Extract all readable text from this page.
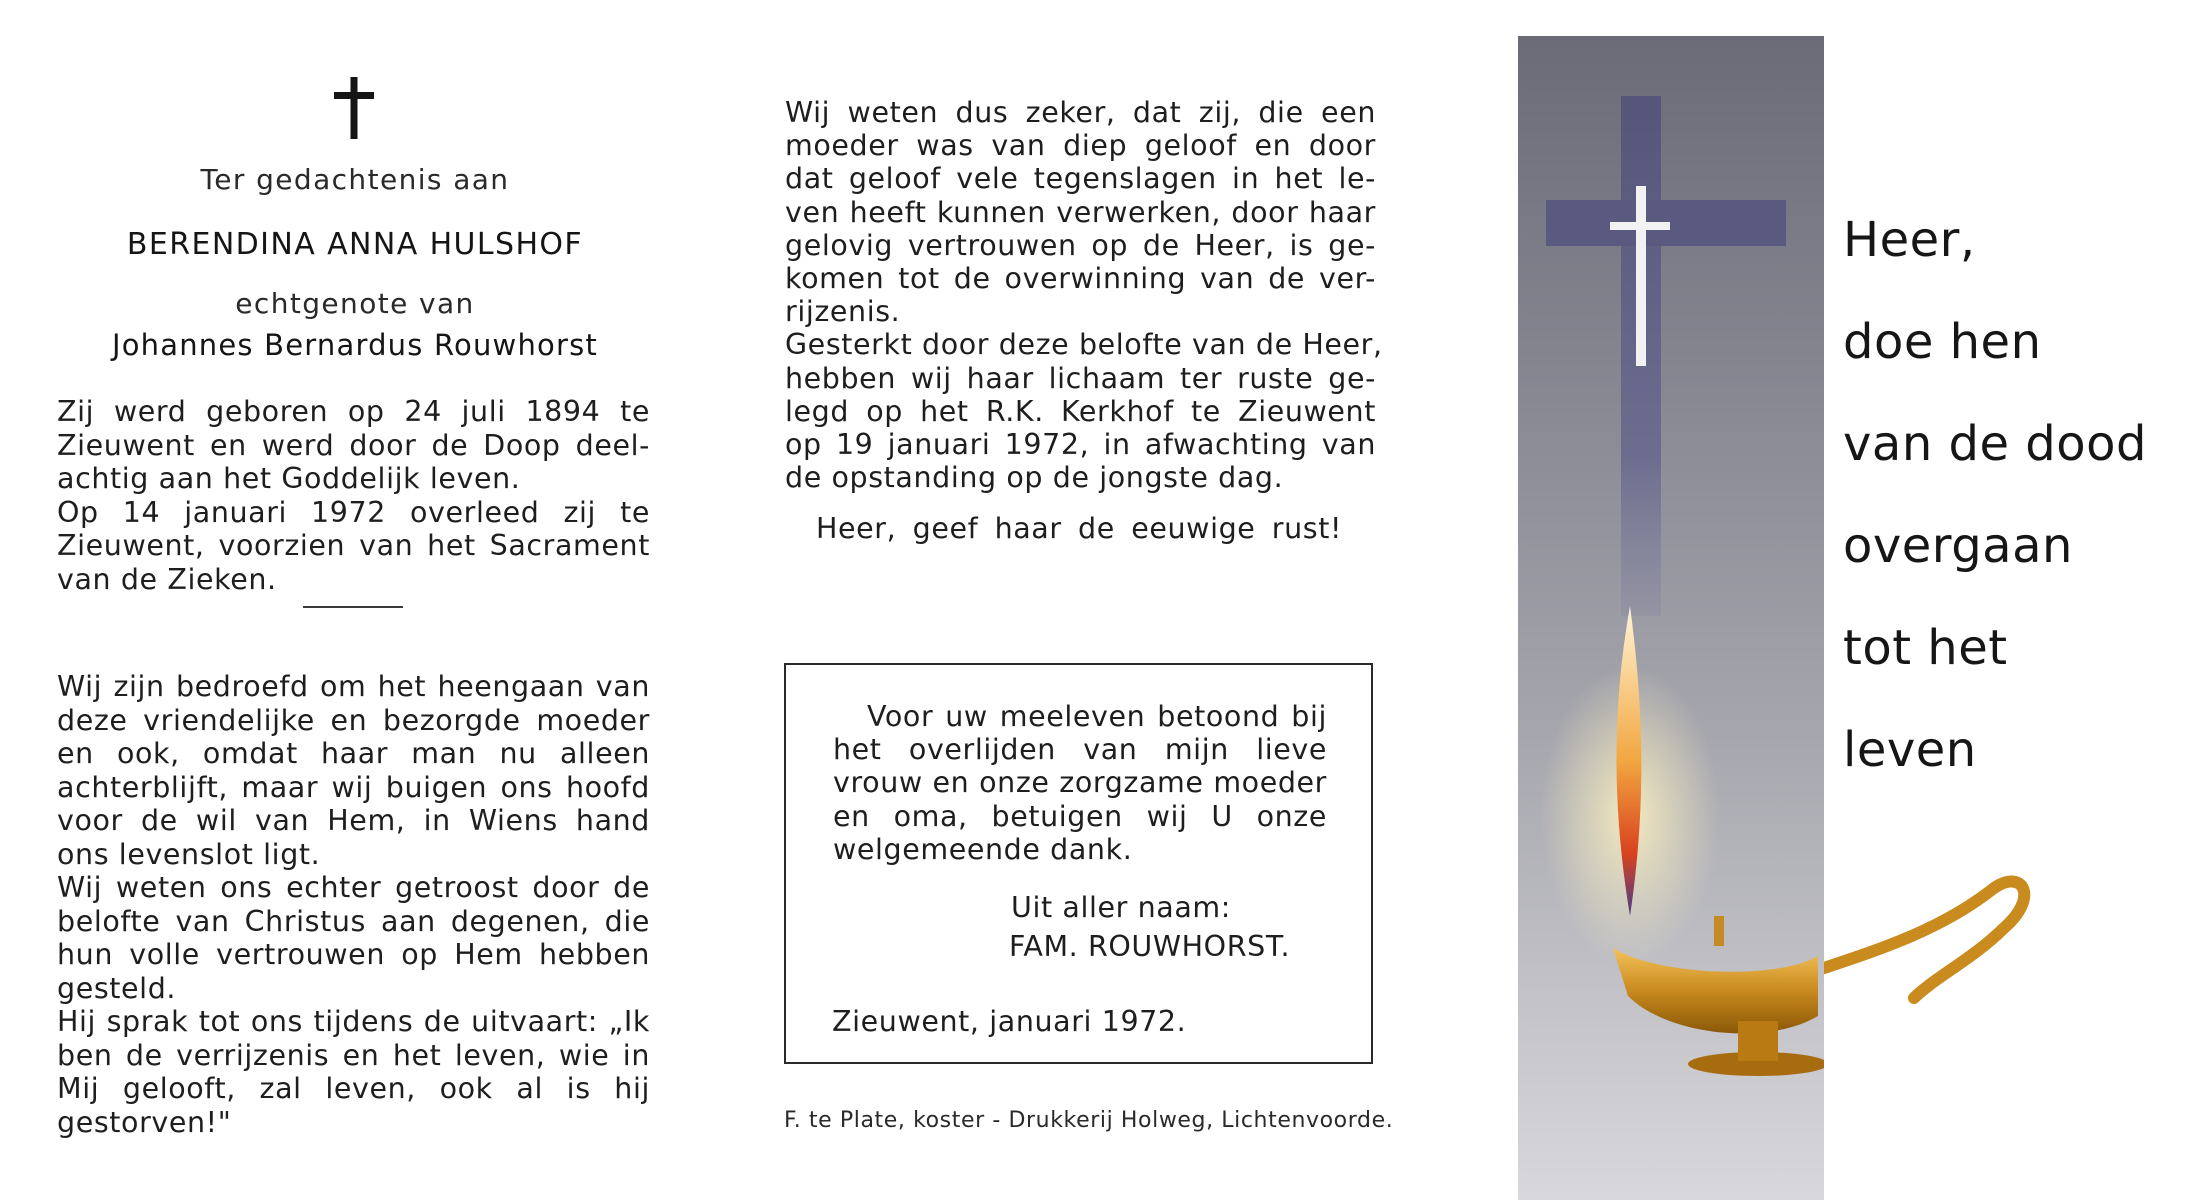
Ter gedachtenis aan
BERENDINA ANNA HULSHOF
echtgenote van
Johannes Bernardus Rouwhorst
Zij werd geboren op 24 juli 1894 te
Zieuwent en werd door de Doop deel-
achtig aan het Goddelijk leven.
Op 14 januari 1972 overleed zij te
Zieuwent, voorzien van het Sacrament
van de Zieken.
Wij zijn bedroefd om het heengaan van
deze vriendelijke en bezorgde moeder
en ook, omdat haar man nu alleen
achterblijft, maar wij buigen ons hoofd
voor de wil van Hem, in Wiens hand
ons levenslot ligt.
Wij weten ons echter getroost door de
belofte van Christus aan degenen, die
hun volle vertrouwen op Hem hebben
gesteld.
Hij sprak tot ons tijdens de uitvaart: „Ik
ben de verrijzenis en het leven, wie in
Mij gelooft, zal leven, ook al is hij
gestorven!"
Wij weten dus zeker, dat zij, die een
moeder was van diep geloof en door
dat geloof vele tegenslagen in het le-
ven heeft kunnen verwerken, door haar
gelovig vertrouwen op de Heer, is ge-
komen tot de overwinning van de ver-
rijzenis.
Gesterkt door deze belofte van de Heer,
hebben wij haar lichaam ter ruste ge-
legd op het R.K. Kerkhof te Zieuwent
op 19 januari 1972, in afwachting van
de opstanding op de jongste dag.
Heer, geef haar de eeuwige rust!
Voor uw meeleven betoond bij
het overlijden van mijn lieve
vrouw en onze zorgzame moeder
en oma, betuigen wij U onze
welgemeende dank.
Uit aller naam:
FAM. ROUWHORST.
Zieuwent, januari 1972.
F. te Plate, koster - Drukkerij Holweg, Lichtenvoorde.
Heer,
doe hen
van de dood
overgaan
tot het
leven
